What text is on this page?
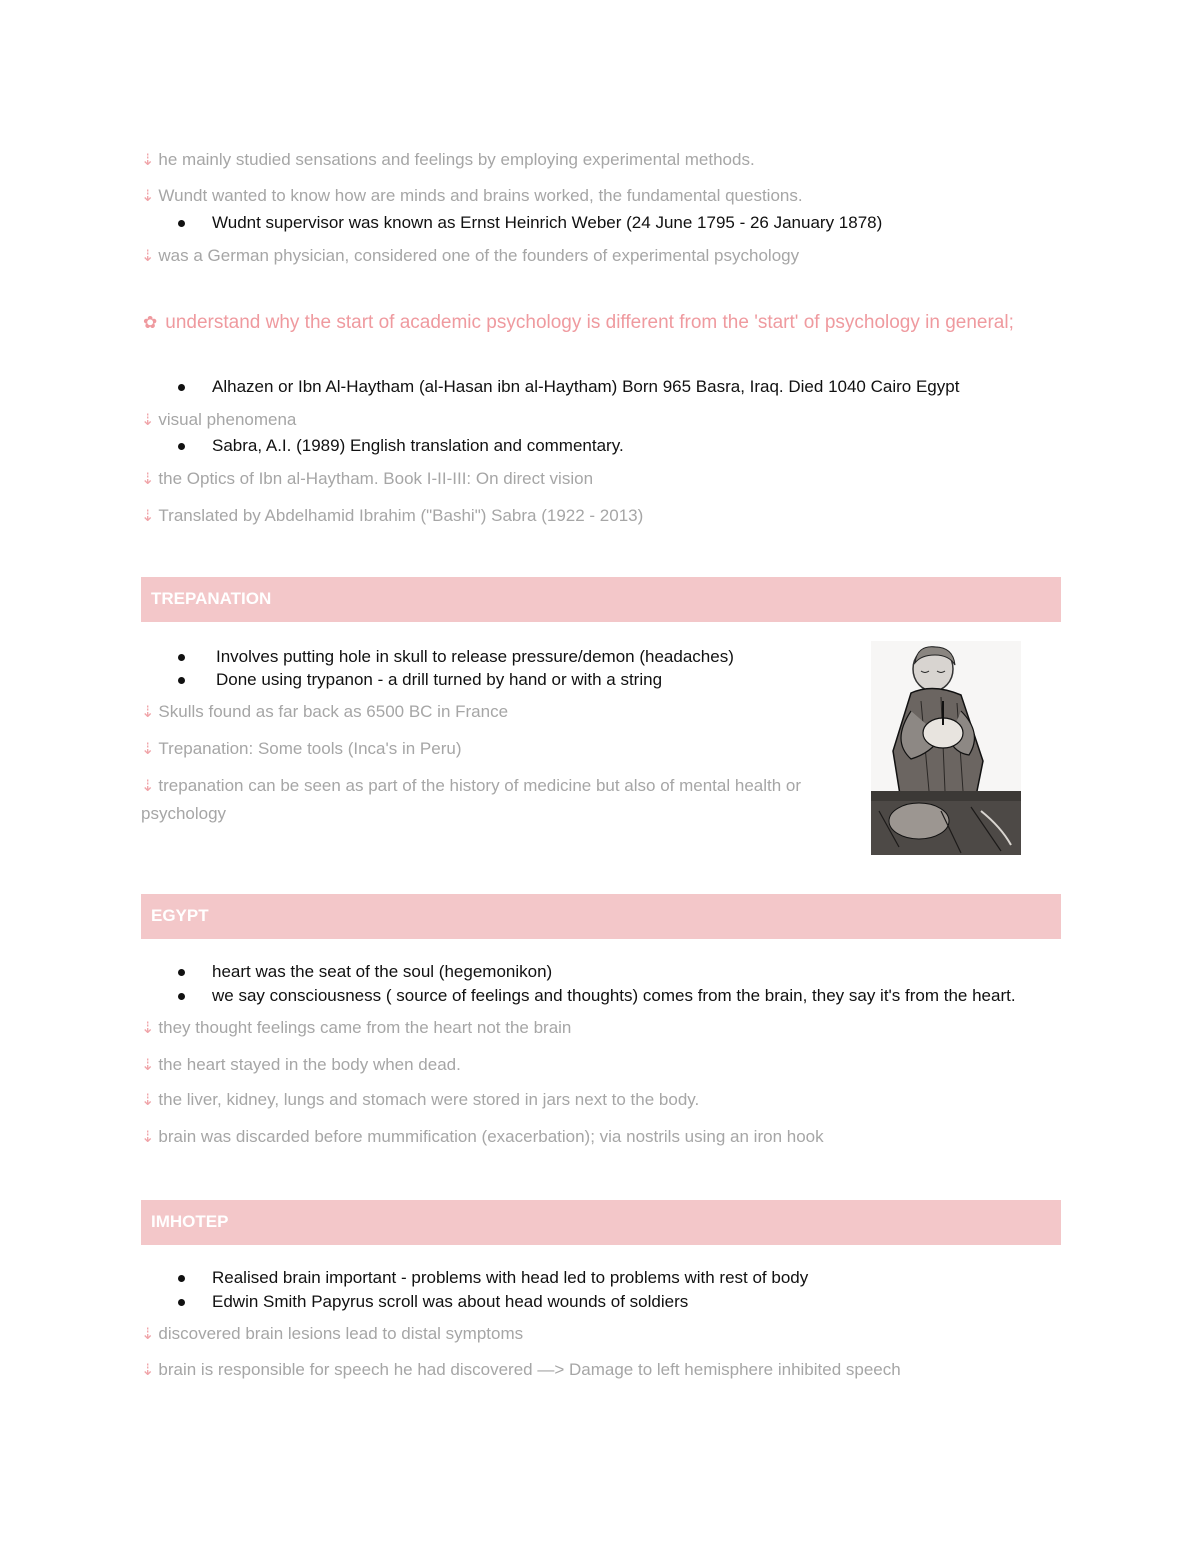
⇣ he mainly studied sensations and feelings by employing experimental methods.
⇣ Wundt wanted to know how are minds and brains worked, the fundamental questions.
Wudnt supervisor was known as Ernst Heinrich Weber (24 June 1795 - 26 January 1878)
⇣ was a German physician, considered one of the founders of experimental psychology
✿ understand why the start of academic psychology is different from the 'start' of psychology in general;
Alhazen or Ibn Al-Haytham (al-Hasan ibn al-Haytham) Born 965 Basra, Iraq. Died 1040 Cairo Egypt
⇣ visual phenomena
Sabra, A.I. (1989) English translation and commentary.
⇣ the Optics of Ibn al-Haytham. Book I-II-III: On direct vision
⇣ Translated by Abdelhamid Ibrahim ("Bashi") Sabra (1922 - 2013)
TREPANATION
Involves putting hole in skull to release pressure/demon (headaches)
Done using trypanon - a drill turned by hand or with a string
⇣ Skulls found as far back as 6500 BC in France
⇣ Trepanation: Some tools (Inca's in Peru)
⇣ trepanation can be seen as part of the history of medicine but also of mental health or psychology
EGYPT
heart was the seat of the soul (hegemonikon)
we say consciousness ( source of feelings and thoughts) comes from the brain, they say it's from the heart.
⇣ they thought feelings came from the heart not the brain
⇣ the heart stayed in the body when dead.
⇣ the liver, kidney, lungs and stomach were stored in jars next to the body.
⇣ brain was discarded before mummification (exacerbation); via nostrils using an iron hook
IMHOTEP
Realised brain important - problems with head led to problems with rest of body
Edwin Smith Papyrus scroll was about head wounds of soldiers
⇣ discovered brain lesions lead to distal symptoms
⇣ brain is responsible for speech he had discovered —> Damage to left hemisphere inhibited speech
